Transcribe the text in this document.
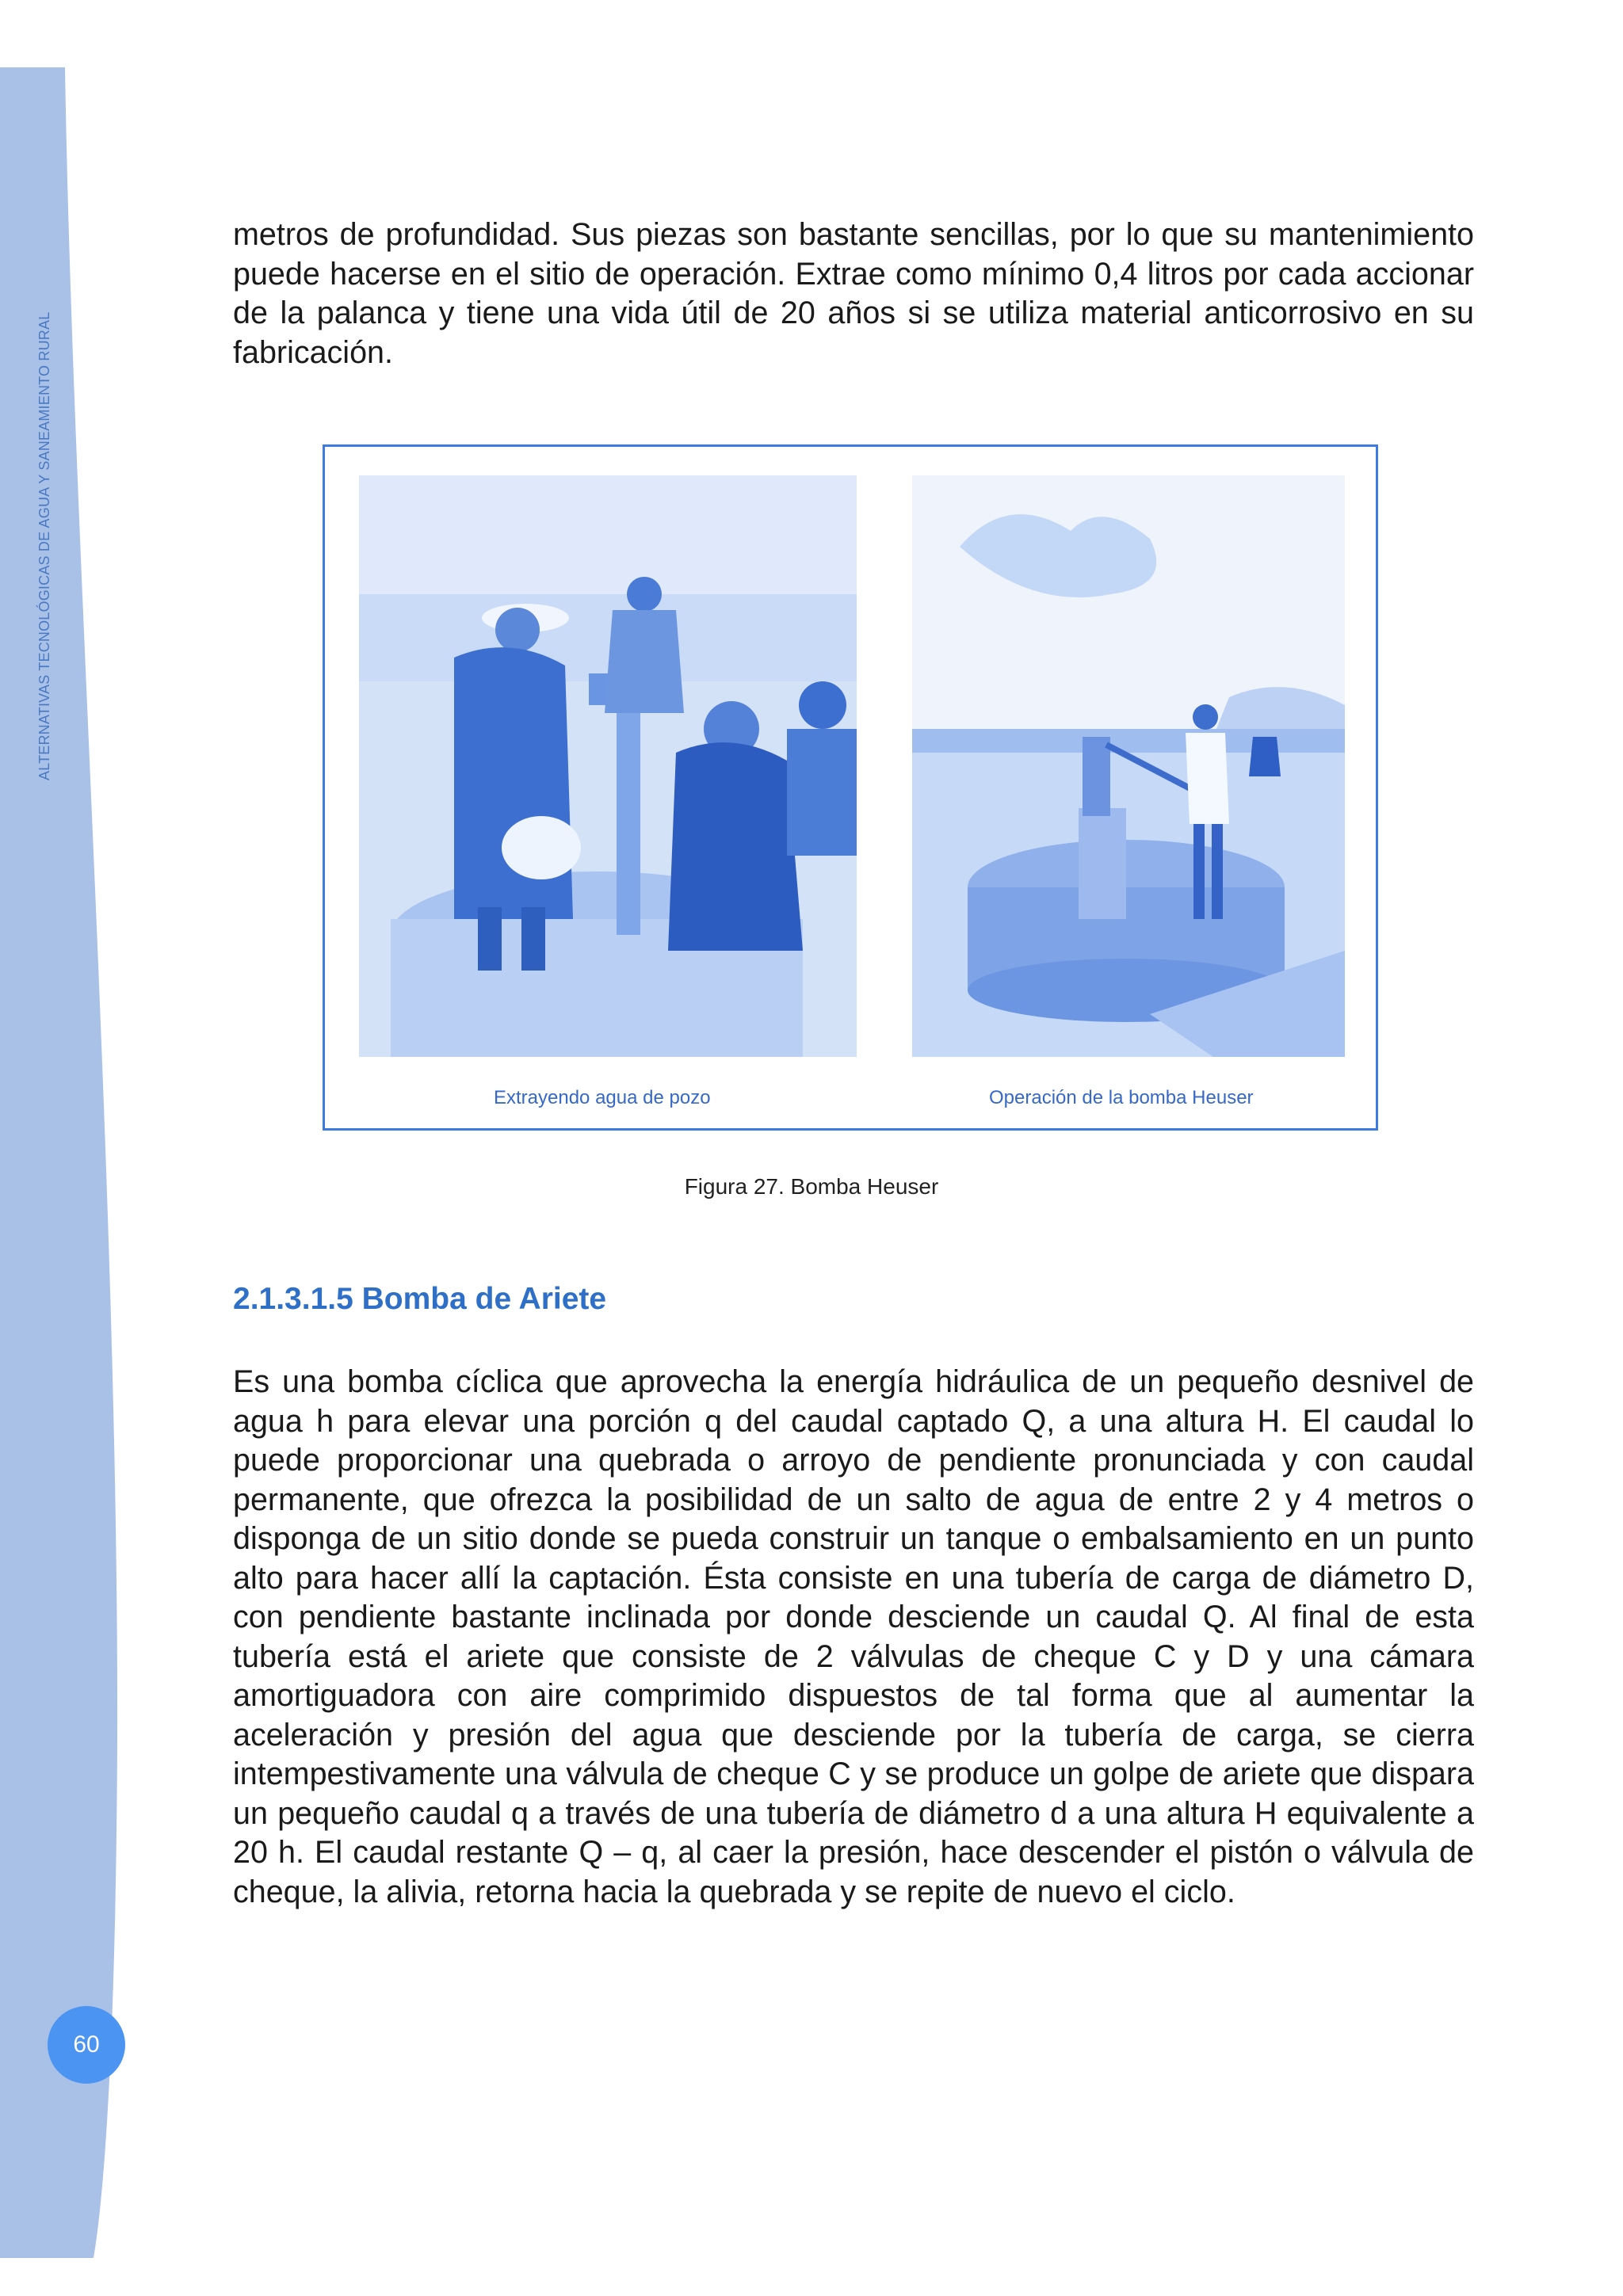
ALTERNATIVAS TECNOLÓGICAS DE AGUA Y SANEAMIENTO RURAL
60

metros de profundidad. Sus piezas son bastante sencillas, por lo que su mantenimiento puede hacerse en el sitio de operación. Extrae como mínimo 0,4 litros por cada accionar de la palanca y tiene una vida útil de 20 años si se utiliza material anticorrosivo en su fabricación.

Extrayendo agua de pozo	Operación de la bomba Heuser
Figura 27. Bomba Heuser
2.1.3.1.5 Bomba de Ariete

Es una bomba cíclica que aprovecha la energía hidráulica de un pequeño desnivel de agua h para elevar una porción q del caudal captado Q, a una altura H. El caudal lo puede proporcionar una quebrada o arroyo de pendiente pronunciada y con caudal permanente, que ofrezca la posibilidad de un salto de agua de entre 2 y 4 metros o disponga de un sitio donde se pueda construir un tanque o embalsamiento en un punto alto para hacer allí la captación. Ésta consiste en una tubería de carga de diámetro D, con pendiente bastante inclinada por donde desciende un caudal Q. Al final de esta tubería está el ariete que consiste de 2 válvulas de cheque C y D y una cámara amortiguadora con aire comprimido dispuestos de tal forma que al aumentar la aceleración y presión del agua que desciende por la tubería de carga, se cierra intempestivamente una válvula de cheque C y se produce un golpe de ariete que dispara un pequeño caudal q a través de una tubería de diámetro d a una altura H equivalente a 20 h. El caudal restante Q – q, al caer la presión, hace descender el pistón o válvula de cheque, la alivia, retorna hacia la quebrada y se repite de nuevo el ciclo.
